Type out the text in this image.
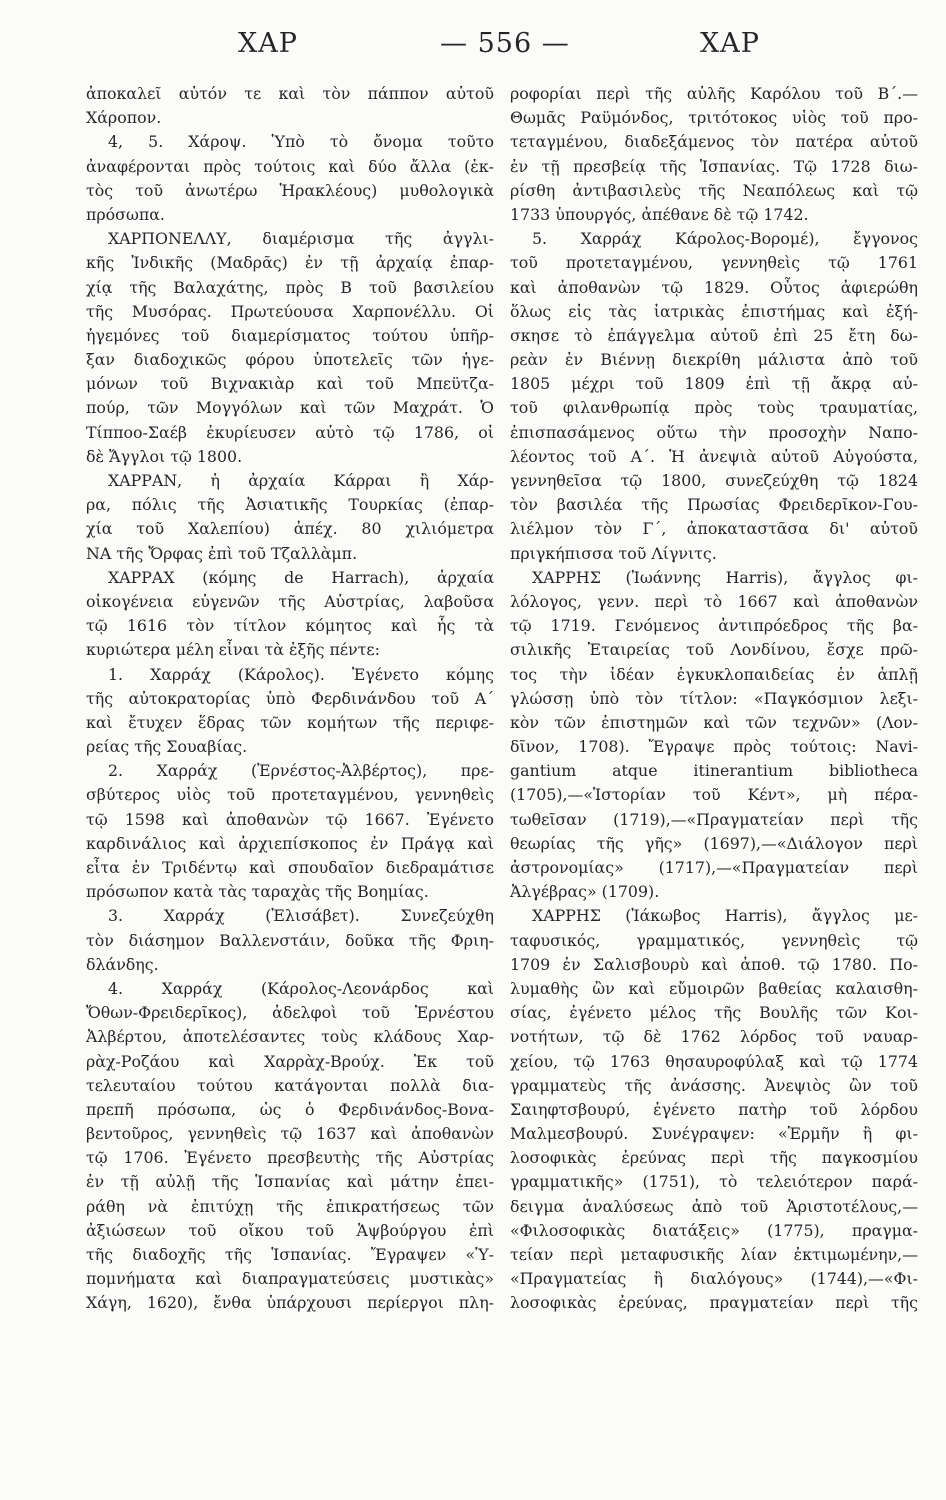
ΧΑΡ	— 556 —	ΧΑΡ
ἀποκαλεῖ αὐτόν τε καὶ τὸν πάππον αὐτοῦ
Χάροπον.
4, 5. Χάροψ. Ὑπὸ τὸ ὄνομα τοῦτο
ἀναφέρονται πρὸς τούτοις καὶ δύο ἄλλα (ἐκ-
τὸς τοῦ ἀνωτέρω Ἡρακλέους) μυθολογικὰ
πρόσωπα.
ΧΑΡΠΟΝΕΛΛΥ, διαμέρισμα τῆς ἀγγλι-
κῆς Ἰνδικῆς (Μαδρᾶς) ἐν τῇ ἀρχαίᾳ ἐπαρ-
χίᾳ τῆς Βαλαχάτης, πρὸς Β τοῦ βασιλείου
τῆς Μυσόρας. Πρωτεύουσα Χαρπονέλλυ. Οἱ
ἡγεμόνες τοῦ διαμερίσματος τούτου ὑπῆρ-
ξαν διαδοχικῶς φόρου ὑποτελεῖς τῶν ἡγε-
μόνων τοῦ Βιχνακιὰρ καὶ τοῦ Μπεϋτζα-
πούρ, τῶν Μογγόλων καὶ τῶν Μαχράτ. Ὁ
Τίπποο-Σαέβ ἐκυρίευσεν αὐτὸ τῷ 1786, οἱ
δὲ Ἄγγλοι τῷ 1800.
ΧΑΡΡΑΝ, ἡ ἀρχαία Κάρραι ἢ Χάρ-
ρα, πόλις τῆς Ἀσιατικῆς Τουρκίας (ἐπαρ-
χία τοῦ Χαλεπίου) ἀπέχ. 80 χιλιόμετρα
ΝΑ τῆς Ὄρφας ἐπὶ τοῦ Τζαλλὰμπ.
ΧΑΡΡΑΧ (κόμης de Harrach), ἀρχαία
οἰκογένεια εὐγενῶν τῆς Αὐστρίας, λαβοῦσα
τῷ 1616 τὸν τίτλον κόμητος καὶ ἧς τὰ
κυριώτερα μέλη εἶναι τὰ ἑξῆς πέντε:
1. Χαρράχ (Κάρολος). Ἐγένετο κόμης
τῆς αὐτοκρατορίας ὑπὸ Φερδινάνδου τοῦ Α´
καὶ ἔτυχεν ἕδρας τῶν κομήτων τῆς περιφε-
ρείας τῆς Σουαβίας.
2. Χαρράχ (Ἐρνέστος-Ἀλβέρτος), πρε-
σβύτερος υἱὸς τοῦ προτεταγμένου, γεννηθεὶς
τῷ 1598 καὶ ἀποθανὼν τῷ 1667. Ἐγένετο
καρδινάλιος καὶ ἀρχιεπίσκοπος ἐν Πράγᾳ καὶ
εἶτα ἐν Τριδέντῳ καὶ σπουδαῖον διεδραμάτισε
πρόσωπον κατὰ τὰς ταραχὰς τῆς Βοημίας.
3. Χαρράχ (Ἐλισάβετ). Συνεζεύχθη
τὸν διάσημον Βαλλενστάιν, δοῦκα τῆς Φριη-
δλάνδης.
4. Χαρράχ (Κάρολος-Λεονάρδος καὶ
Ὄθων-Φρειδερῖκος), ἀδελφοὶ τοῦ Ἐρνέστου
Ἀλβέρτου, ἀποτελέσαντες τοὺς κλάδους Χαρ-
ρὰχ-Ροζάου καὶ Χαρρὰχ-Βρούχ. Ἐκ τοῦ
τελευταίου τούτου κατάγονται πολλὰ δια-
πρεπῆ πρόσωπα, ὡς ὁ Φερδινάνδος-Βονα-
βεντοῦρος, γεννηθεὶς τῷ 1637 καὶ ἀποθανὼν
τῷ 1706. Ἐγένετο πρεσβευτὴς τῆς Αὐστρίας
ἐν τῇ αὐλῇ τῆς Ἱσπανίας καὶ μάτην ἐπει-
ράθη νὰ ἐπιτύχῃ τῆς ἐπικρατήσεως τῶν
ἀξιώσεων τοῦ οἴκου τοῦ Ἁψβούργου ἐπὶ
τῆς διαδοχῆς τῆς Ἱσπανίας. Ἔγραψεν «Ὑ-
πομνήματα καὶ διαπραγματεύσεις μυστικὰς»
Χάγη, 1620), ἔνθα ὑπάρχουσι περίεργοι πλη-
ροφορίαι περὶ τῆς αὐλῆς Καρόλου τοῦ Β´.—
Θωμᾶς Ραϋμόνδος, τριτότοκος υἱὸς τοῦ προ-
τεταγμένου, διαδεξάμενος τὸν πατέρα αὐτοῦ
ἐν τῇ πρεσβείᾳ τῆς Ἱσπανίας. Τῷ 1728 διω-
ρίσθη ἀντιβασιλεὺς τῆς Νεαπόλεως καὶ τῷ
1733 ὑπουργός, ἀπέθανε δὲ τῷ 1742.
5. Χαρράχ Κάρολος-Βορομέ), ἔγγονος
τοῦ προτεταγμένου, γεννηθεὶς τῷ 1761
καὶ ἀποθανὼν τῷ 1829. Οὗτος ἀφιερώθη
ὅλως εἰς τὰς ἰατρικὰς ἐπιστήμας καὶ ἐξή-
σκησε τὸ ἐπάγγελμα αὐτοῦ ἐπὶ 25 ἔτη δω-
ρεὰν ἐν Βιέννῃ διεκρίθη μάλιστα ἀπὸ τοῦ
1805 μέχρι τοῦ 1809 ἐπὶ τῇ ἄκρᾳ αὐ-
τοῦ φιλανθρωπίᾳ πρὸς τοὺς τραυματίας,
ἐπισπασάμενος οὕτω τὴν προσοχὴν Ναπο-
λέοντος τοῦ Α´. Ἡ ἀνεψιὰ αὐτοῦ Αὐγούστα,
γεννηθεῖσα τῷ 1800, συνεζεύχθη τῷ 1824
τὸν βασιλέα τῆς Πρωσίας Φρειδερῖκον-Γου-
λιέλμον τὸν Γ´, ἀποκαταστᾶσα δι' αὐτοῦ
πριγκήπισσα τοῦ Λίγνιτς.
ΧΑΡΡΗΣ (Ἰωάννης Harris), ἄγγλος φι-
λόλογος, γενν. περὶ τὸ 1667 καὶ ἀποθανὼν
τῷ 1719. Γενόμενος ἀντιπρόεδρος τῆς βα-
σιλικῆς Ἑταιρείας τοῦ Λονδίνου, ἔσχε πρῶ-
τος τὴν ἰδέαν ἐγκυκλοπαιδείας ἐν ἁπλῇ
γλώσσῃ ὑπὸ τὸν τίτλον: «Παγκόσμιον λεξι-
κὸν τῶν ἐπιστημῶν καὶ τῶν τεχνῶν» (Λον-
δῖνον, 1708). Ἔγραψε πρὸς τούτοις: Navi-
gantium atque itinerantium bibliotheca
(1705),—«Ἱστορίαν τοῦ Κέντ», μὴ πέρα-
τωθεῖσαν (1719),—«Πραγματείαν περὶ τῆς
θεωρίας τῆς γῆς» (1697),—«Διάλογον περὶ
ἀστρονομίας» (1717),—«Πραγματείαν περὶ
Ἀλγέβρας» (1709).
ΧΑΡΡΗΣ (Ἰάκωβος Harris), ἄγγλος με-
ταφυσικός, γραμματικός, γεννηθεὶς τῷ
1709 ἐν Σαλισβουρὺ καὶ ἀποθ. τῷ 1780. Πο-
λυμαθὴς ὢν καὶ εὔμοιρῶν βαθείας καλαισθη-
σίας, ἐγένετο μέλος τῆς Βουλῆς τῶν Κοι-
νοτήτων, τῷ δὲ 1762 λόρδος τοῦ ναυαρ-
χείου, τῷ 1763 θησαυροφύλαξ καὶ τῷ 1774
γραμματεὺς τῆς ἀνάσσης. Ἀνεψιὸς ὢν τοῦ
Σαιηφτσβουρύ, ἐγένετο πατὴρ τοῦ λόρδου
Μαλμεσβουρύ. Συνέγραψεν: «Ἑρμῆν ἢ φι-
λοσοφικὰς ἐρεύνας περὶ τῆς παγκοσμίου
γραμματικῆς» (1751), τὸ τελειότερον παρά-
δειγμα ἀναλύσεως ἀπὸ τοῦ Ἀριστοτέλους,—
«Φιλοσοφικὰς διατάξεις» (1775), πραγμα-
τείαν περὶ μεταφυσικῆς λίαν ἐκτιμωμένην,—
«Πραγματείας ἢ διαλόγους» (1744),—«Φι-
λοσοφικὰς ἐρεύνας, πραγματείαν περὶ τῆς
